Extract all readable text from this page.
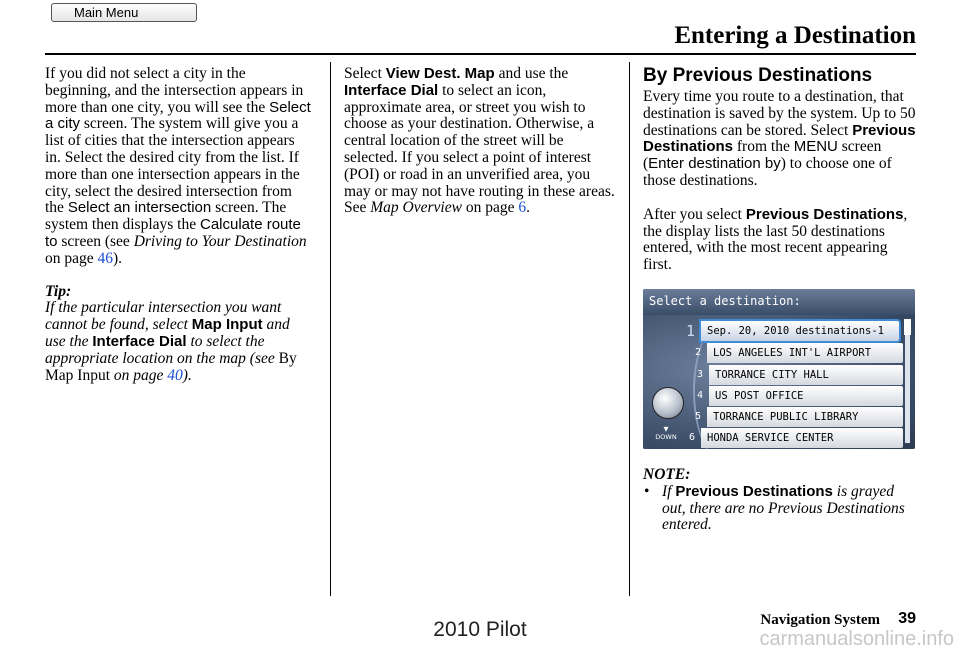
Main Menu
Entering a Destination

If you did not select a city in the beginning, and the intersection appears in more than one city, you will see the Select a city screen. The system will give you a list of cities that the intersection appears in. Select the desired city from the list. If more than one intersection appears in the city, select the desired intersection from the Select an intersection screen. The system then displays the Calculate route to screen (see Driving to Your Destination on page 46).

Tip:

If the particular intersection you want cannot be found, select Map Input and use the Interface Dial to select the appropriate location on the map (see By Map Input on page 40).

Select View Dest. Map and use the Interface Dial to select an icon, approximate area, or street you wish to choose as your destination. Otherwise, a central location of the street will be selected. If you select a point of interest (POI) or road in an unverified area, you may or may not have routing in these areas. See Map Overview on page 6.

By Previous Destinations

Every time you route to a destination, that destination is saved by the system. Up to 50 destinations can be stored. Select Previous Destinations from the MENU screen (Enter destination by) to choose one of those destinations.

After you select Previous Destinations, the display lists the last 50 destinations entered, with the most recent appearing first.

Select a destination:
▼
DOWN
1	Sep. 20, 2010 destinations-1
2	LOS ANGELES INT'L AIRPORT
3	TORRANCE CITY HALL
4	US POST OFFICE
5	TORRANCE PUBLIC LIBRARY
6	HONDA SERVICE CENTER

NOTE:

• If Previous Destinations is grayed out, there are no Previous Destinations entered.
Navigation System 39
2010 Pilot	carmanualsonline.info
